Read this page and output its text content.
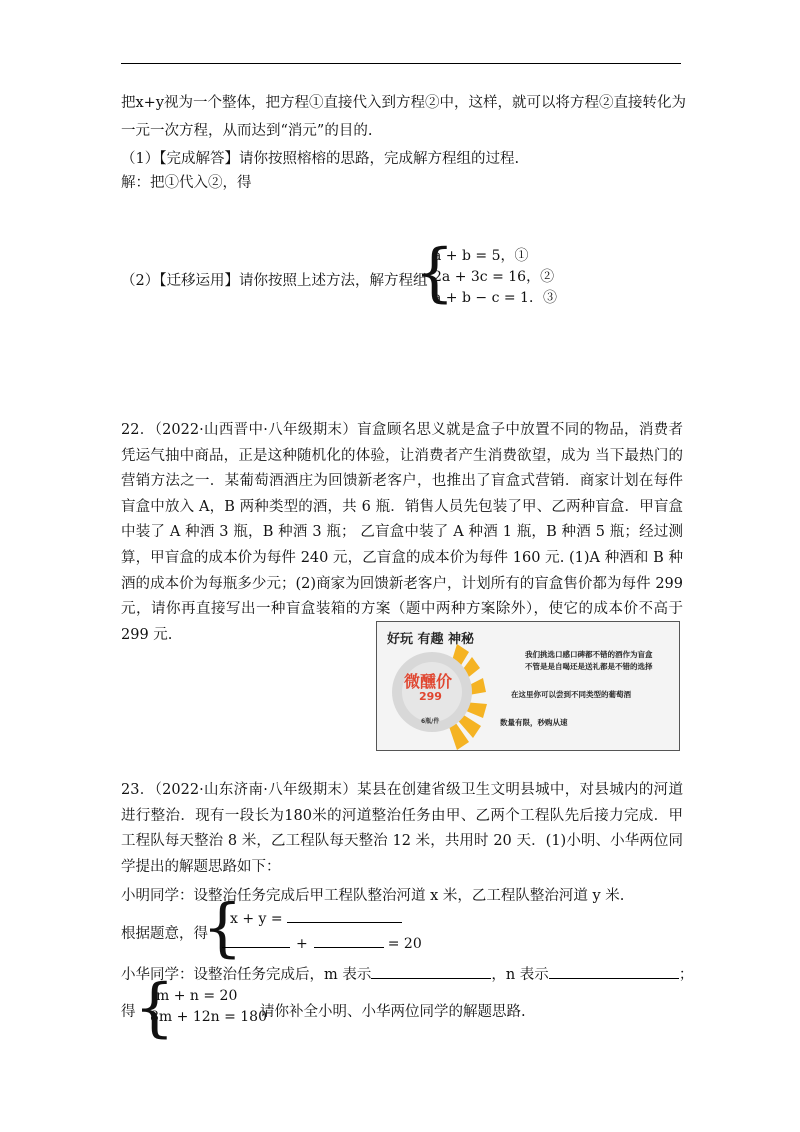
把x+y视为一个整体，把方程①直接代入到方程②中，这样，就可以将方程②直接转化为
一元一次方程，从而达到“消元”的目的.
（1）【完成解答】请你按照榕榕的思路，完成解方程组的过程.
解：把①代入②，得
（2）【迁移运用】请你按照上述方法，解方程组
{
a + b = 5，①
2a + 3c = 16，②
a + b − c = 1．③
22．（2022·山西晋中·八年级期末）盲盒顾名思义就是盒子中放置不同的物品，消费者凭运气抽中商品，正是这种随机化的体验，让消费者产生消费欲望，成为 当下最热门的营销方法之一．某葡萄酒酒庄为回馈新老客户，也推出了盲盒式营销．商家计划在每件盲盒中放入 A，B 两种类型的酒，共 6 瓶．销售人员先包装了甲、乙两种盲盒．甲盲盒中装了 A 种酒 3 瓶，B 种酒 3 瓶； 乙盲盒中装了 A 种酒 1 瓶，B 种酒 5 瓶；经过测算，甲盲盒的成本价为每件 240 元，乙盲盒的成本价为每件 160 元. (1)A 种酒和 B 种酒的成本价为每瓶多少元；(2)商家为回馈新老客户，计划所有的盲盒售价都为每件 299 元，请你再直接写出一种盲盒装箱的方案（题中两种方案除外），使它的成本价不高于 299 元.	好玩 有趣 神秘
微醺价
299
6瓶/件
我们挑选口感口碑都不错的酒作为盲盒
不管是是自喝还是送礼都是不错的选择
在这里你可以尝到不同类型的葡萄酒
数量有限，秒购从速
23．（2022·山东济南·八年级期末）某县在创建省级卫生文明县城中，对县城内的河道进行整治．现有一段长为180米的河道整治任务由甲、乙两个工程队先后接力完成．甲工程队每天整治 8 米，乙工程队每天整治 12 米，共用时 20 天．(1)小明、小华两位同学提出的解题思路如下：
小明同学：设整治任务完成后甲工程队整治河道 x 米，乙工程队整治河道 y 米.
根据题意，得
{
x + y =
+	= 20
小华同学：设整治任务完成后，m 表示	，n 表示	；
得
{
m + n = 20
8m + 12n = 180
请你补全小明、小华两位同学的解题思路.
